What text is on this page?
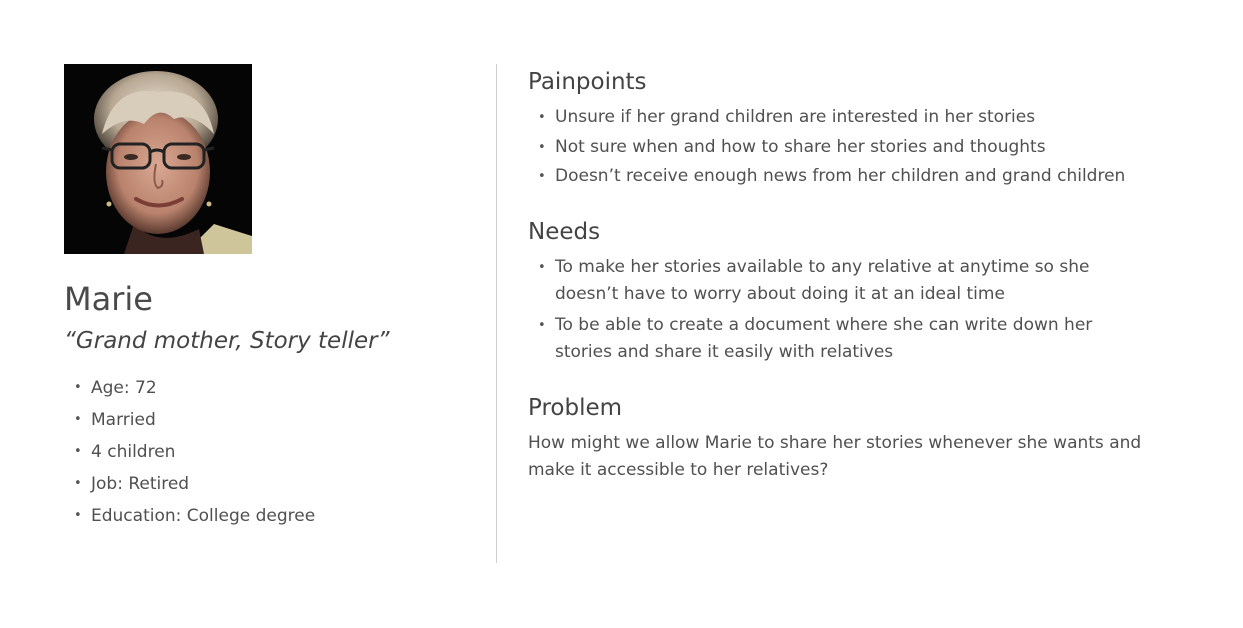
Marie

“Grand mother, Story teller”

• Age: 72
• Married
• 4 children
• Job: Retired
• Education: College degree
Painpoints
• Unsure if her grand children are interested in her stories
• Not sure when and how to share her stories and thoughts
• Doesn’t receive enough news from her children and grand children
Needs
• To make her stories available to any relative at anytime so she doesn’t have to worry about doing it at an ideal time
• To be able to create a document where she can write down her stories and share it easily with relatives
Problem

How might we allow Marie to share her stories whenever she wants and make it accessible to her relatives?
